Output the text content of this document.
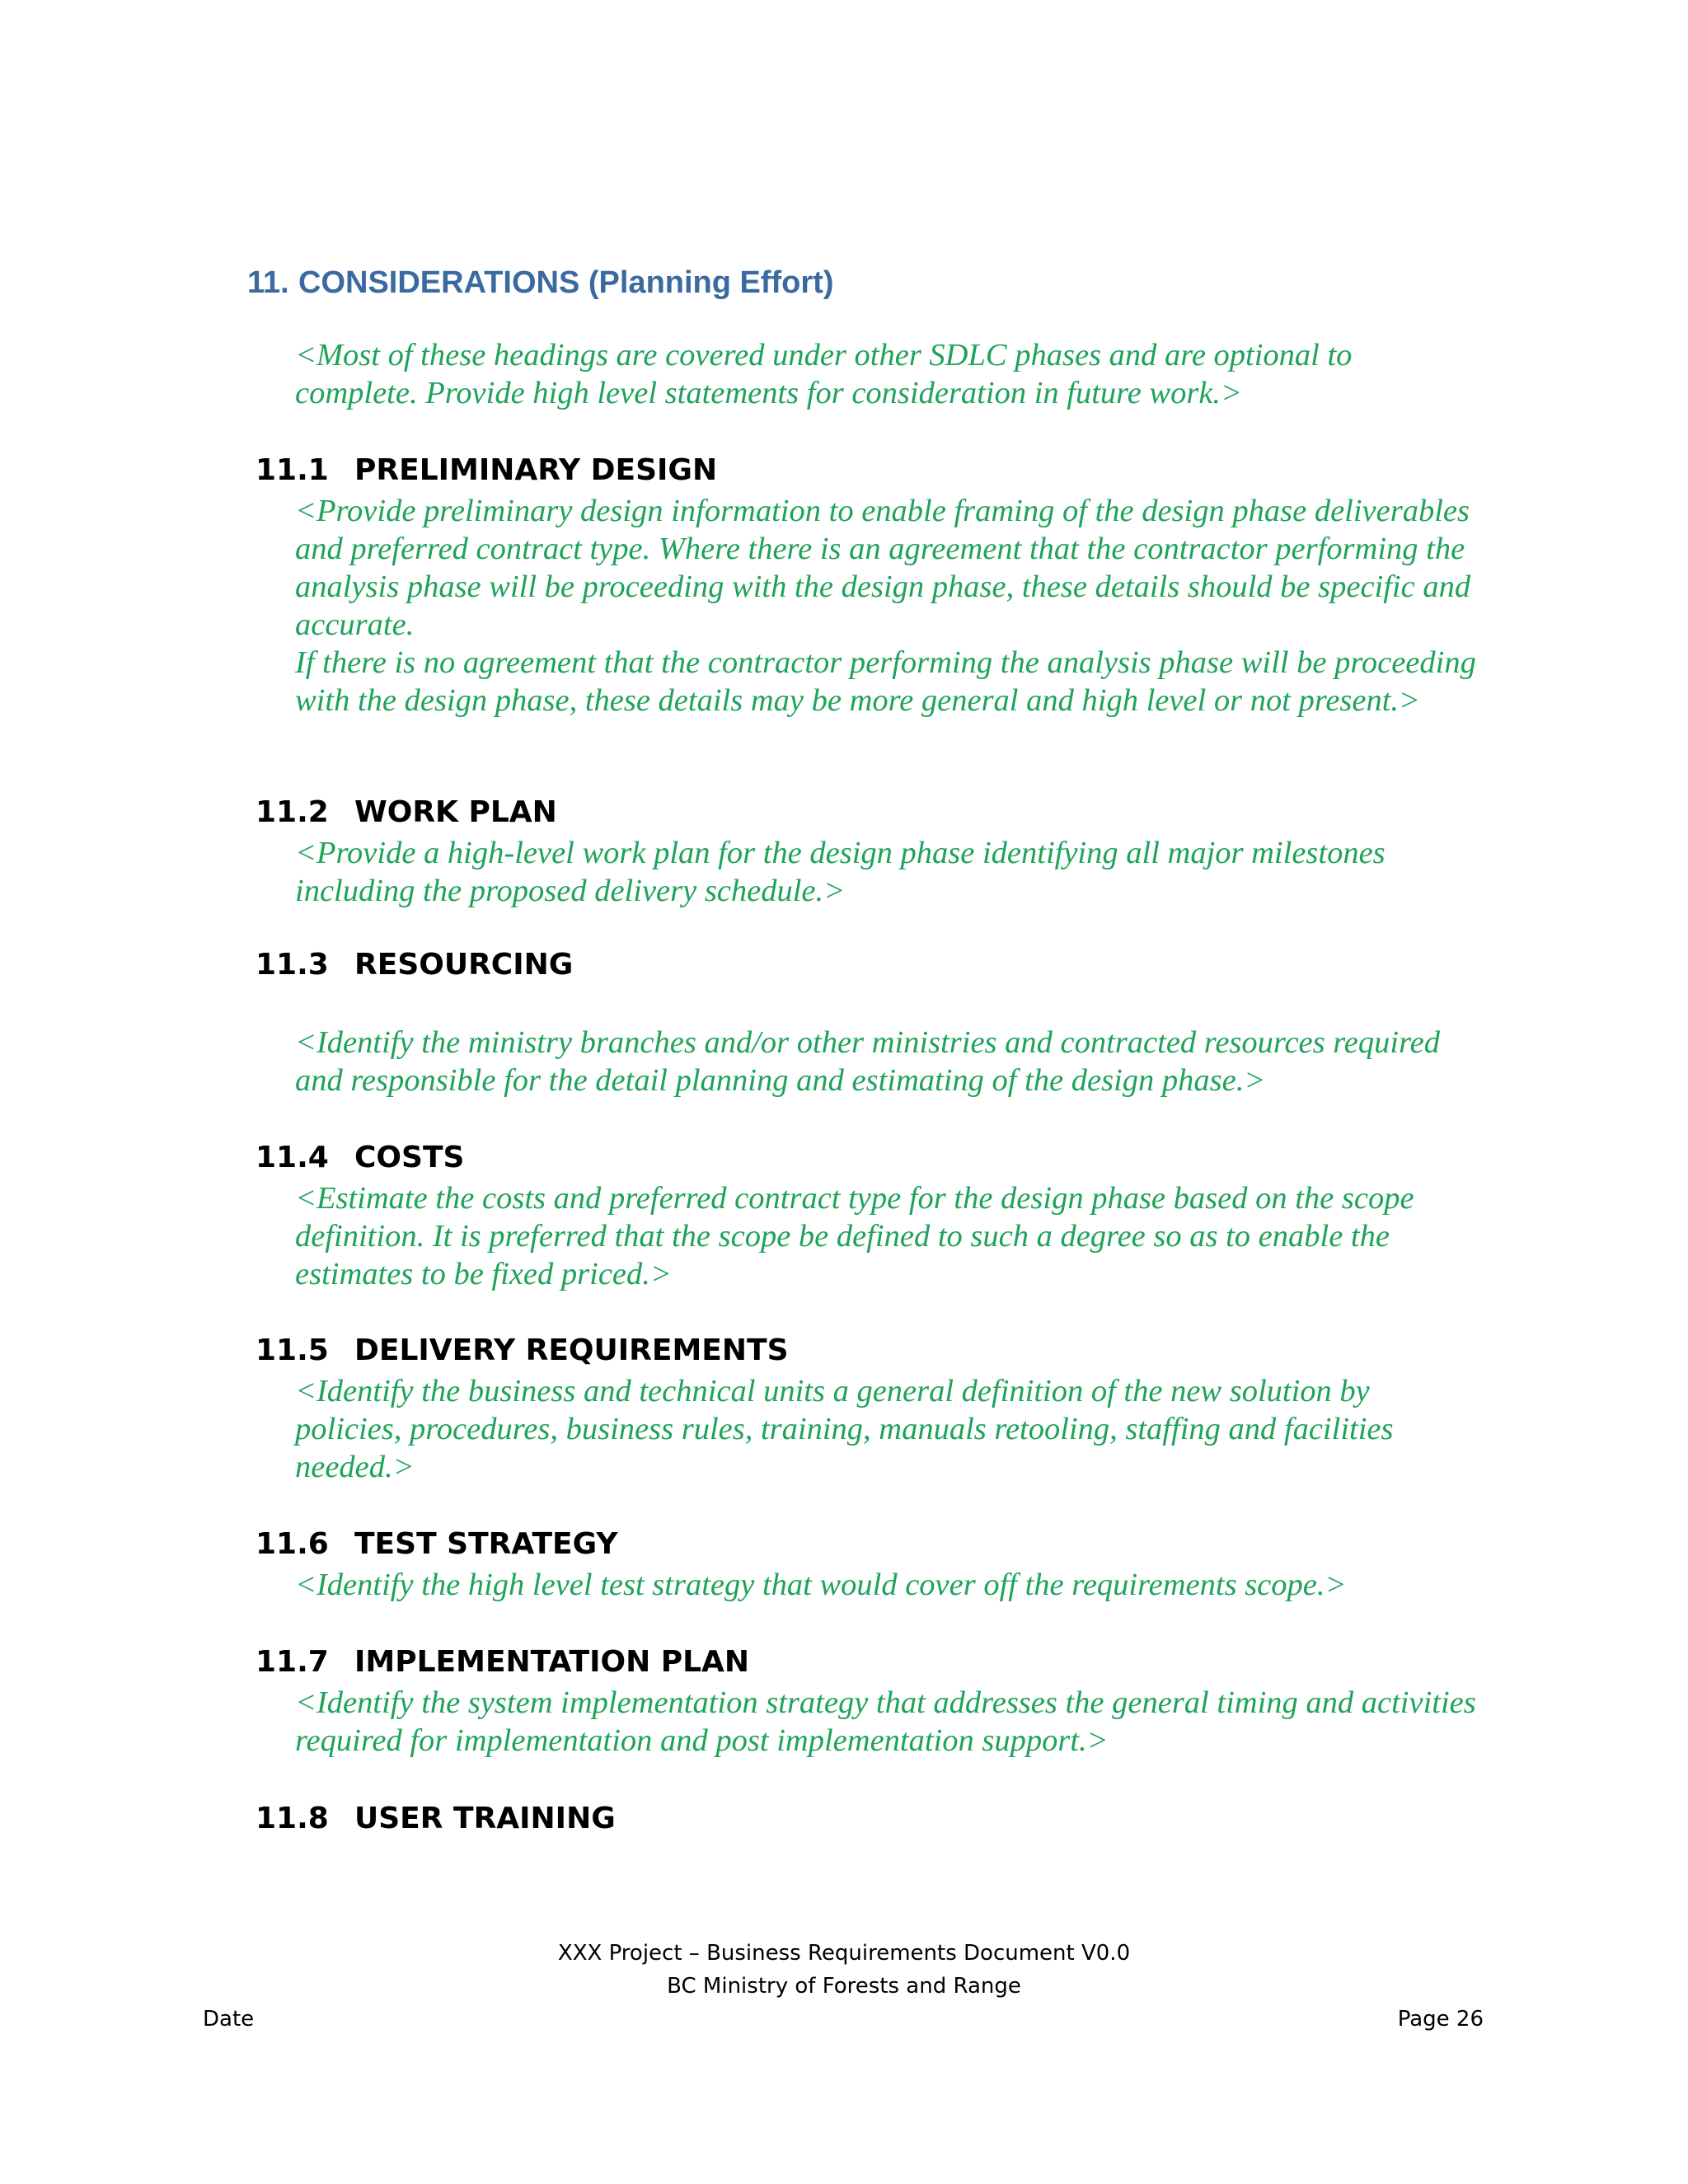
11. CONSIDERATIONS (Planning Effort)

<Most of these headings are covered under other SDLC phases and are optional to complete. Provide high level statements for consideration in future work.>

11.1 PRELIMINARY DESIGN

<Provide preliminary design information to enable framing of the design phase deliverables and preferred contract type. Where there is an agreement that the contractor performing the analysis phase will be proceeding with the design phase, these details should be specific and accurate.

If there is no agreement that the contractor performing the analysis phase will be proceeding with the design phase, these details may be more general and high level or not present.>

11.2 WORK PLAN

<Provide a high-level work plan for the design phase identifying all major milestones including the proposed delivery schedule.>

11.3 RESOURCING

<Identify the ministry branches and/or other ministries and contracted resources required and responsible for the detail planning and estimating of the design phase.>

11.4 COSTS

<Estimate the costs and preferred contract type for the design phase based on the scope definition. It is preferred that the scope be defined to such a degree so as to enable the estimates to be fixed priced.>

11.5 DELIVERY REQUIREMENTS

<Identify the business and technical units a general definition of the new solution by policies, procedures, business rules, training, manuals retooling, staffing and facilities needed.>

11.6 TEST STRATEGY

<Identify the high level test strategy that would cover off the requirements scope.>

11.7 IMPLEMENTATION PLAN

<Identify the system implementation strategy that addresses the general timing and activities required for implementation and post implementation support.>

11.8 USER TRAINING
XXX Project – Business Requirements Document V0.0
BC Ministry of Forests and Range
Date	Page 26
